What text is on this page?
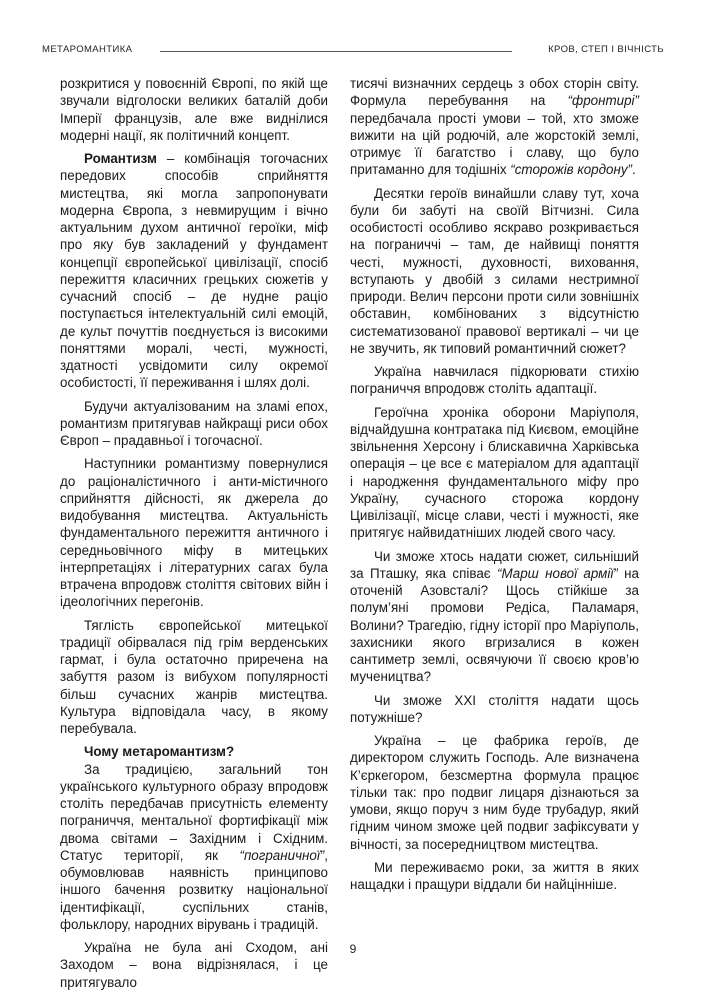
МЕТАРОМАНТИКА	КРОВ, СТЕП І ВІЧНІСТЬ

розкритися у повоєнній Європі, по якій ще звучали відголоски великих баталій доби Імперії французів, але вже виднілися модерні нації, як політичний концепт.

Романтизм – комбінація тогочасних передових способів сприйняття мистецтва, які могла запропонувати модерна Європа, з невмирущим і вічно актуальним духом античної героїки, міф про яку був закладений у фундамент концепції європейської цивілізації, спосіб пережиття класичних грецьких сюжетів у сучасний спосіб – де нудне раціо поступається інтелектуальній силі емоцій, де культ почуттів поєднується із високими поняттями моралі, честі, мужності, здатності усвідомити силу окремої особистості, її переживання і шлях долі.

Будучи актуалізованим на зламі епох, романтизм притягував найкращі риси обох Європ – прадавньої і тогочасної.

Наступники романтизму повернулися до раціоналістичного і анти-містичного сприйняття дійсності, як джерела до видобування мистецтва. Актуальність фундаментального пережиття античного і середньовічного міфу в митецьких інтерпретаціях і літературних сагах була втрачена впродовж століття світових війн і ідеологічних перегонів.

Тяглість європейської митецької традиції обірвалася під грім верденських гармат, і була остаточно приречена на забуття разом із вибухом популярності більш сучасних жанрів мистецтва. Культура відповідала часу, в якому перебувала.

Чому метаромантизм?

За традицією, загальний тон українського культурного образу впродовж століть передбачав присутність елементу пограниччя, ментальної фортифікації між двома світами – Західним і Східним. Статус території, як “пограничної”, обумовлював наявність принципово іншого бачення розвитку національної ідентифікації, суспільних станів, фольклору, народних вірувань і традицій.

Україна не була ані Сходом, ані Заходом – вона відрізнялася, і це притягувало

тисячі визначних сердець з обох сторін світу. Формула перебування на “фронтирі” передбачала прості умови – той, хто зможе вижити на цій родючій, але жорстокій землі, отримує її багатство і славу, що було притаманно для тодішніх “сторожів кордону”.

Десятки героїв винайшли славу тут, хоча були би забуті на своїй Вітчизні. Сила особистості особливо яскраво розкривається на пограниччі – там, де найвищі поняття честі, мужності, духовності, виховання, вступають у двобій з силами нестримної природи. Велич персони проти сили зовнішніх обставин, комбінованих з відсутністю систематизованої правової вертикалі – чи це не звучить, як типовий романтичний сюжет?

Україна навчилася підкорювати стихію пограниччя впродовж століть адаптації.

Героїчна хроніка оборони Маріуполя, відчайдушна контратака під Києвом, емоційне звільнення Херсону і блискавична Харківська операція – це все є матеріалом для адаптації і народження фундаментального міфу про Україну, сучасного сторожа кордону Цивілізації, місце слави, честі і мужності, яке притягує найвидатніших людей свого часу.

Чи зможе хтось надати сюжет, сильніший за Пташку, яка співає “Марш нової армії” на оточеній Азовсталі? Щось стійкіше за полум’яні промови Редіса, Паламаря, Волини? Трагедію, гідну історії про Маріуполь, захисники якого вгризалися в кожен сантиметр землі, освячуючи її своєю кров’ю мучеництва?

Чи зможе ХХІ століття надати щось потужніше?

Україна – це фабрика героїв, де директором служить Господь. Але визначена К’єркегором, безсмертна формула працює тільки так: про подвиг лицаря дізнаються за умови, якщо поруч з ним буде трубадур, який гідним чином зможе цей подвиг зафіксувати у вічності, за посередництвом мистецтва.

Ми переживаємо роки, за життя в яких нащадки і пращури віддали би найцінніше.

9
